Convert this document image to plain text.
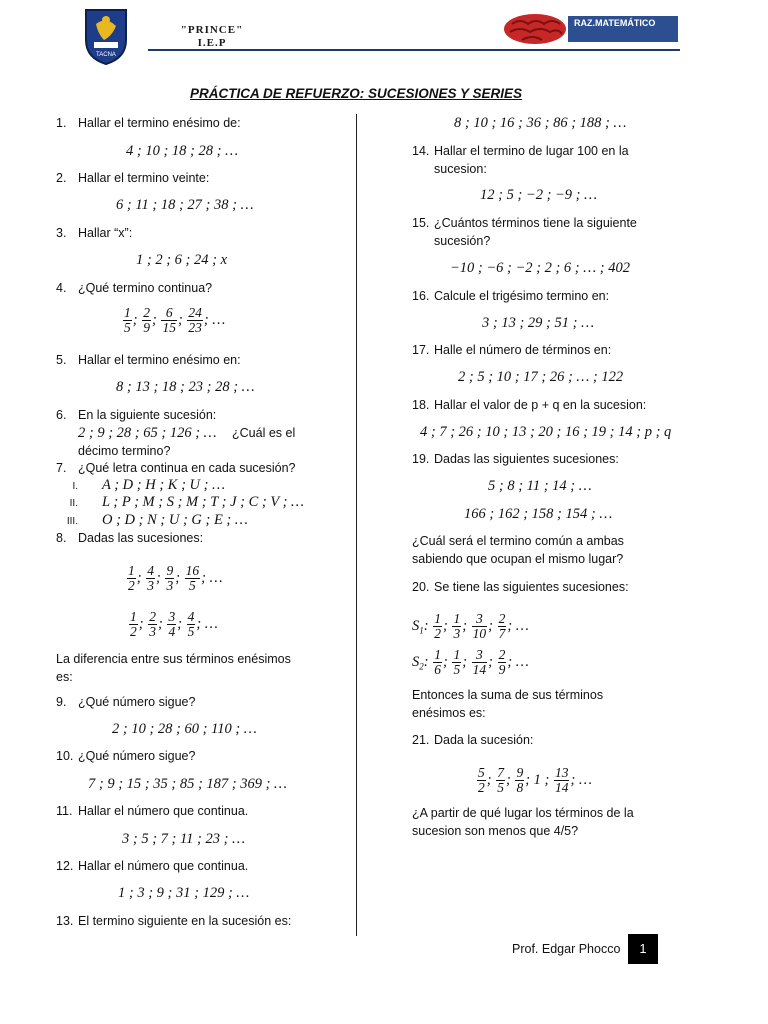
TACNA
"PRINCE"
I.E.P
RAZ.MATEMÁTICO
PRÁCTICA DE REFUERZO: SUCESIONES Y SERIES
1. Hallar el termino enésimo de:
4 ; 10 ; 18 ; 28 ; …
2. Hallar el termino veinte:
6 ; 11 ; 18 ; 27 ; 38 ; …
3. Hallar “x”:
1 ; 2 ; 6 ; 24 ; x
4. ¿Qué termino continua?
$\frac{1}{5}$ ; $\frac{2}{9}$ ; $\frac{6}{15}$ ; $\frac{24}{23}$ ; …
5. Hallar el termino enésimo en:
8 ; 13 ; 18 ; 23 ; 28 ; …
6. En la siguiente sucesión:
2 ; 9 ; 28 ; 65 ; 126 ; … ¿Cuál es el
décimo termino?
7. ¿Qué letra continua en cada sucesión?
I. A ; D ; H ; K ; U ; …
II. L ; P ; M ; S ; M ; T ; J ; C ; V ; …
III. O ; D ; N ; U ; G ; E ; …
8. Dadas las sucesiones:
$\frac{1}{2}$ ; $\frac{4}{3}$ ; $\frac{9}{3}$ ; $\frac{16}{5}$ ; …
$\frac{1}{2}$ ; $\frac{2}{3}$ ; $\frac{3}{4}$ ; $\frac{4}{5}$ ; …
La diferencia entre sus términos enésimos
es:
9. ¿Qué número sigue?
2 ; 10 ; 28 ; 60 ; 110 ; …
10. ¿Qué número sigue?
7 ; 9 ; 15 ; 35 ; 85 ; 187 ; 369 ; …
11. Hallar el número que continua.
3 ; 5 ; 7 ; 11 ; 23 ; …
12. Hallar el número que continua.
1 ; 3 ; 9 ; 31 ; 129 ; …
13. El termino siguiente en la sucesión es:
8 ; 10 ; 16 ; 36 ; 86 ; 188 ; …
14. Hallar el termino de lugar 100 en la
sucesion:
12 ; 5 ; −2 ; −9 ; …
15. ¿Cuántos términos tiene la siguiente
sucesión?
−10 ; −6 ; −2 ; 2 ; 6 ; … ; 402
16. Calcule el trigésimo termino en:
3 ; 13 ; 29 ; 51 ; …
17. Halle el número de términos en:
2 ; 5 ; 10 ; 17 ; 26 ; … ; 122
18. Hallar el valor de p + q en la sucesion:
4 ; 7 ; 26 ; 10 ; 13 ; 20 ; 16 ; 19 ; 14 ; p ; q
19. Dadas las siguientes sucesiones:
5 ; 8 ; 11 ; 14 ; …
166 ; 162 ; 158 ; 154 ; …
¿Cuál será el termino común a ambas
sabiendo que ocupan el mismo lugar?
20. Se tiene las siguientes sucesiones:
$S_1$: $\frac{1}{2}$ ; $\frac{1}{3}$ ; $\frac{3}{10}$ ; $\frac{2}{7}$ ; …
$S_2$: $\frac{1}{6}$ ; $\frac{1}{5}$ ; $\frac{3}{14}$ ; $\frac{2}{9}$ ; …
Entonces la suma de sus términos
enésimos es:
21. Dada la sucesión:
$\frac{5}{2}$ ; $\frac{7}{5}$ ; $\frac{9}{8}$ ; 1 ; $\frac{13}{14}$ ; …
¿A partir de qué lugar los términos de la
sucesion son menos que 4/5?
Prof. Edgar Phocco	1
